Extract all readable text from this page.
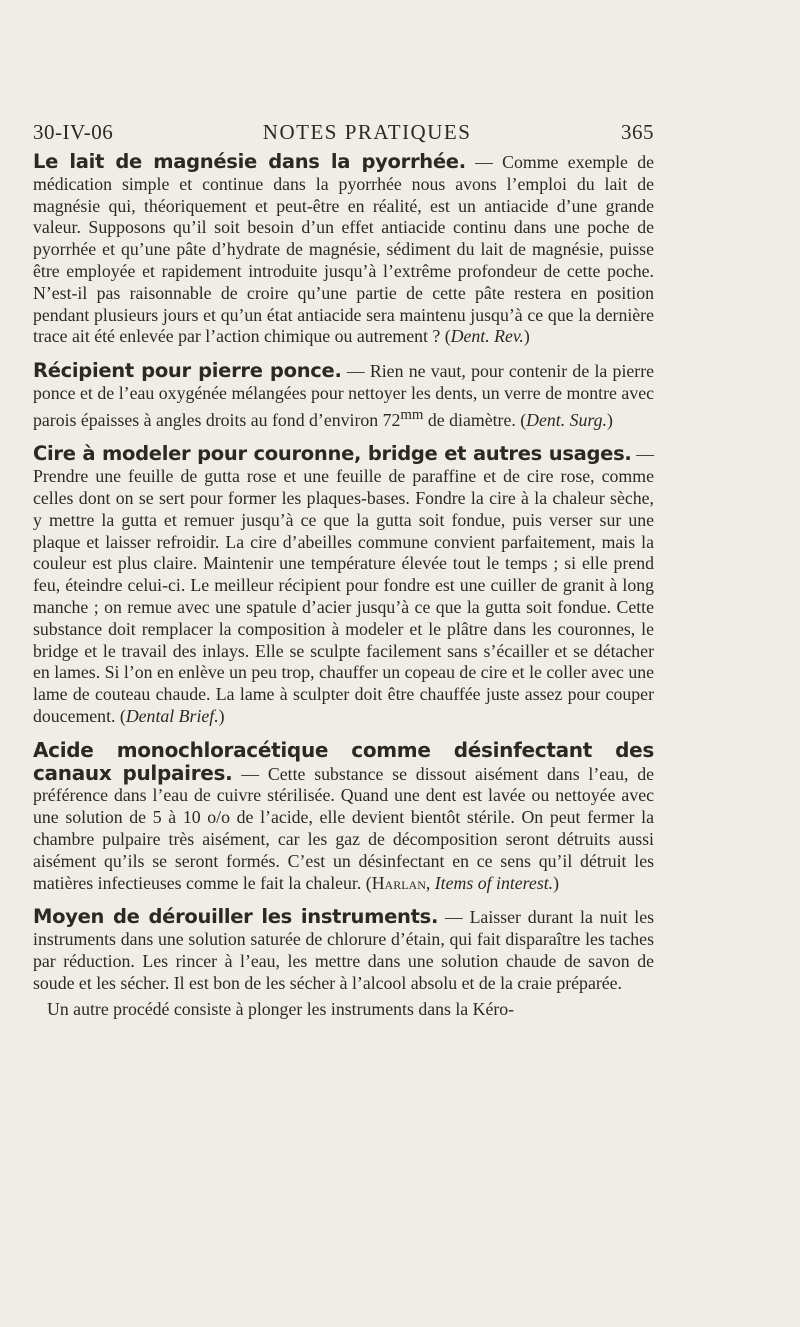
30-IV-06	NOTES PRATIQUES	365

Le lait de magnésie dans la pyorrhée. — Comme exemple de médication simple et continue dans la pyorrhée nous avons l’emploi du lait de magnésie qui, théoriquement et peut-être en réalité, est un antiacide d’une grande valeur. Supposons qu’il soit besoin d’un effet antiacide continu dans une poche de pyorrhée et qu’une pâte d’hydrate de magnésie, sédiment du lait de magnésie, puisse être employée et rapidement introduite jusqu’à l’extrême profondeur de cette poche. N’est-il pas raisonnable de croire qu’une partie de cette pâte restera en position pendant plusieurs jours et qu’un état antiacide sera maintenu jusqu’à ce que la dernière trace ait été enlevée par l’action chimique ou autrement ? (Dent. Rev.)

Récipient pour pierre ponce. — Rien ne vaut, pour contenir de la pierre ponce et de l’eau oxygénée mélangées pour nettoyer les dents, un verre de montre avec parois épaisses à angles droits au fond d’environ $72^{mm}$ de diamètre. (Dent. Surg.)

Cire à modeler pour couronne, bridge et autres usages. — Prendre une feuille de gutta rose et une feuille de paraffine et de cire rose, comme celles dont on se sert pour former les plaques-bases. Fondre la cire à la chaleur sèche, y mettre la gutta et remuer jusqu’à ce que la gutta soit fondue, puis verser sur une plaque et laisser refroidir. La cire d’abeilles commune convient parfaitement, mais la couleur est plus claire. Maintenir une température élevée tout le temps ; si elle prend feu, éteindre celui-ci. Le meilleur récipient pour fondre est une cuiller de granit à long manche ; on remue avec une spatule d’acier jusqu’à ce que la gutta soit fondue. Cette substance doit remplacer la composition à modeler et le plâtre dans les couronnes, le bridge et le travail des inlays. Elle se sculpte facilement sans s’écailler et se détacher en lames. Si l’on en enlève un peu trop, chauffer un copeau de cire et le coller avec une lame de couteau chaude. La lame à sculpter doit être chauffée juste assez pour couper doucement. (Dental Brief.)

Acide monochloracétique comme désinfectant des canaux pulpaires. — Cette substance se dissout aisément dans l’eau, de préférence dans l’eau de cuivre stérilisée. Quand une dent est lavée ou nettoyée avec une solution de 5 à 10 o/o de l’acide, elle devient bientôt stérile. On peut fermer la chambre pulpaire très aisément, car les gaz de décomposition seront détruits aussi aisément qu’ils se seront formés. C’est un désinfectant en ce sens qu’il détruit les matières infectieuses comme le fait la chaleur. (Harlan, Items of interest.)

Moyen de dérouiller les instruments. — Laisser durant la nuit les instruments dans une solution saturée de chlorure d’étain, qui fait disparaître les taches par réduction. Les rincer à l’eau, les mettre dans une solution chaude de savon de soude et les sécher. Il est bon de les sécher à l’alcool absolu et de la craie préparée.

Un autre procédé consiste à plonger les instruments dans la Kéro-
